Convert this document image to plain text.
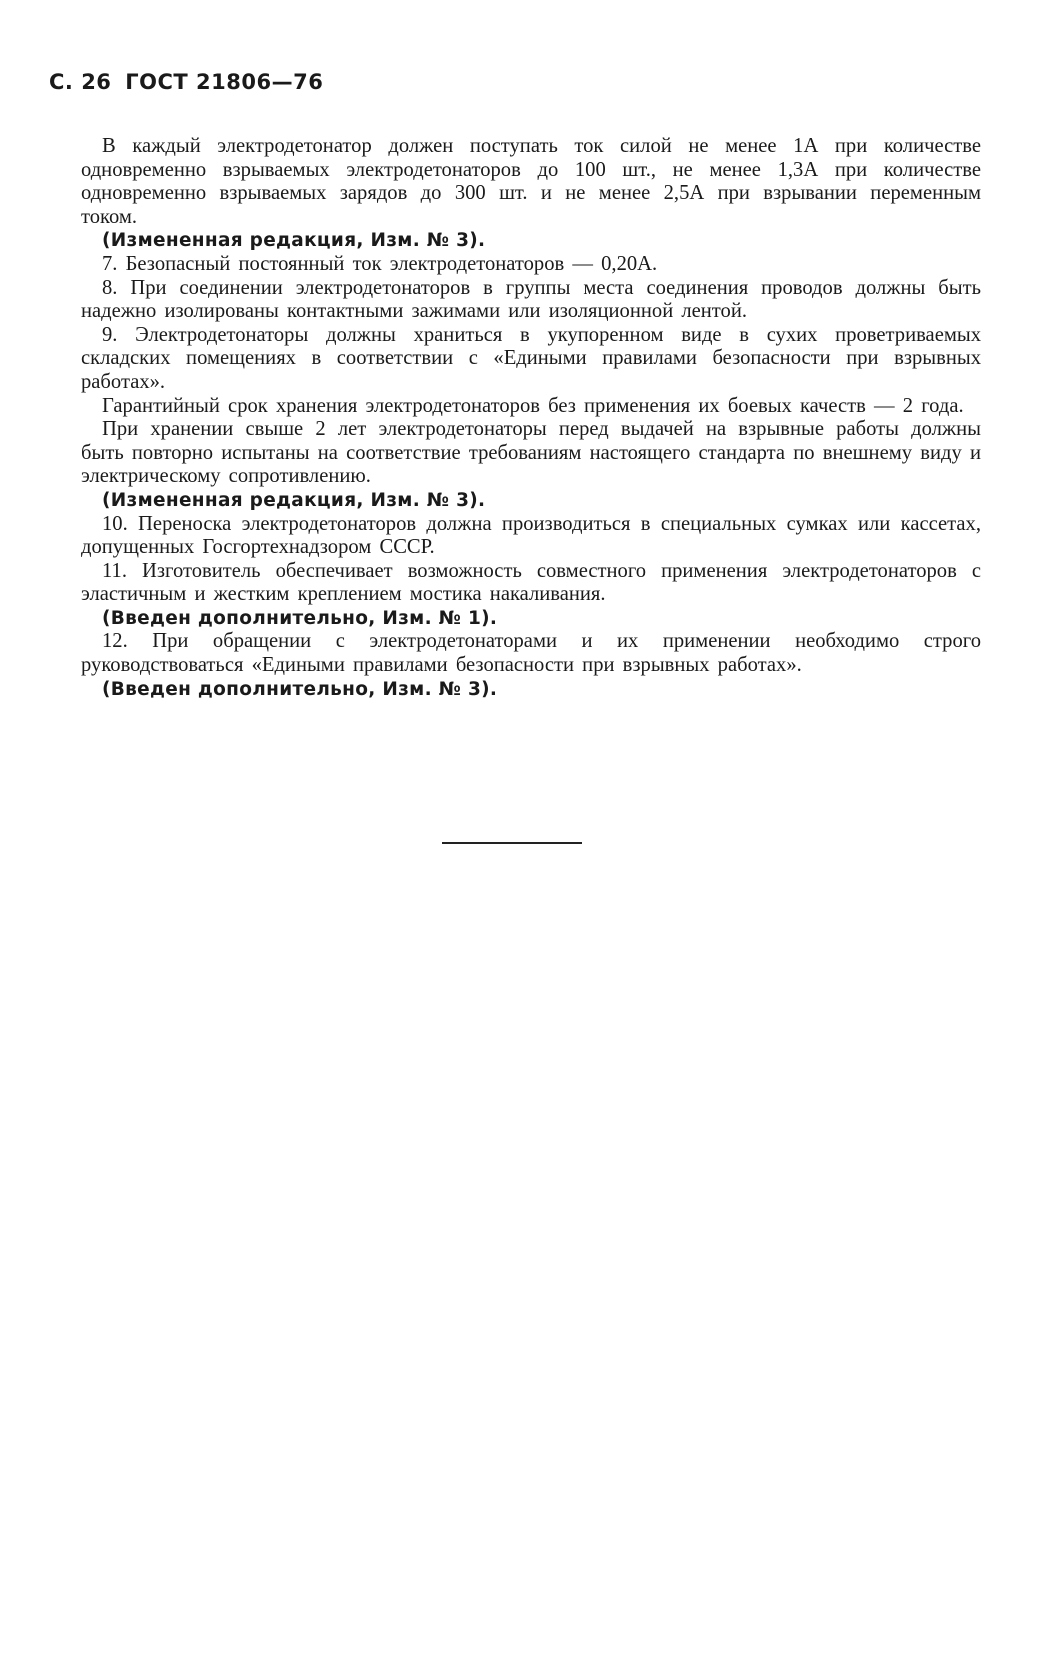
С. 26 ГОСТ 21806—76

В каждый электродетонатор должен поступать ток силой не менее 1А при количестве одновременно взрываемых электродетонаторов до 100 шт., не менее 1,3А при количестве одновременно взрываемых зарядов до 300 шт. и не менее 2,5А при взрывании переменным током.

(Измененная редакция, Изм. № 3).

7. Безопасный постоянный ток электродетонаторов — 0,20А.

8. При соединении электродетонаторов в группы места соединения проводов должны быть надежно изолированы контактными зажимами или изоляционной лентой.

9. Электродетонаторы должны храниться в укупоренном виде в сухих проветриваемых складских помещениях в соответствии с «Едиными правилами безопасности при взрывных работах».

Гарантийный срок хранения электродетонаторов без применения их боевых качеств — 2 года.

При хранении свыше 2 лет электродетонаторы перед выдачей на взрывные работы должны быть повторно испытаны на соответствие требованиям настоящего стандарта по внешнему виду и электрическому сопротивлению.

(Измененная редакция, Изм. № 3).

10. Переноска электродетонаторов должна производиться в специальных сумках или кассетах, допущенных Госгортехнадзором СССР.

11. Изготовитель обеспечивает возможность совместного применения электродетонаторов с эластичным и жестким креплением мостика накаливания.

(Введен дополнительно, Изм. № 1).

12. При обращении с электродетонаторами и их применении необходимо строго руководствоваться «Едиными правилами безопасности при взрывных работах».

(Введен дополнительно, Изм. № 3).
